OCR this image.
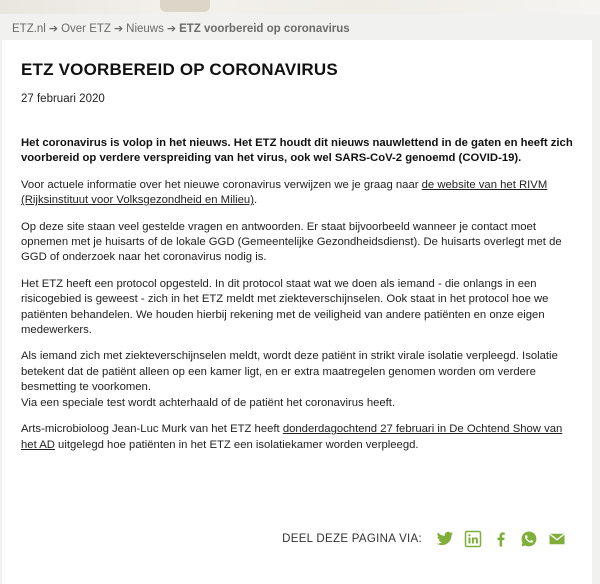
ETZ.nl ➔ Over ETZ ➔ Nieuws ➔ ETZ voorbereid op coronavirus
ETZ VOORBEREID OP CORONAVIRUS
27 februari 2020

Het coronavirus is volop in het nieuws. Het ETZ houdt dit nieuws nauwlettend in de gaten en heeft zich voorbereid op verdere verspreiding van het virus, ook wel SARS-CoV-2 genoemd (COVID-19).

Voor actuele informatie over het nieuwe coronavirus verwijzen we je graag naar de website van het RIVM (Rijksinstituut voor Volksgezondheid en Milieu).

Op deze site staan veel gestelde vragen en antwoorden. Er staat bijvoorbeeld wanneer je contact moet opnemen met je huisarts of de lokale GGD (Gemeentelijke Gezondheidsdienst). De huisarts overlegt met de GGD of onderzoek naar het coronavirus nodig is.

Het ETZ heeft een protocol opgesteld. In dit protocol staat wat we doen als iemand - die onlangs in een risicogebied is geweest - zich in het ETZ meldt met ziekteverschijnselen. Ook staat in het protocol hoe we patiënten behandelen. We houden hierbij rekening met de veiligheid van andere patiënten en onze eigen medewerkers.

Als iemand zich met ziekteverschijnselen meldt, wordt deze patiënt in strikt virale isolatie verpleegd. Isolatie betekent dat de patiënt alleen op een kamer ligt, en er extra maatregelen genomen worden om verdere besmetting te voorkomen.
Via een speciale test wordt achterhaald of de patiënt het coronavirus heeft.

Arts-microbioloog Jean-Luc Murk van het ETZ heeft donderdagochtend 27 februari in De Ochtend Show van het AD uitgelegd hoe patiënten in het ETZ een isolatiekamer worden verpleegd.

DEEL DEZE PAGINA VIA:
